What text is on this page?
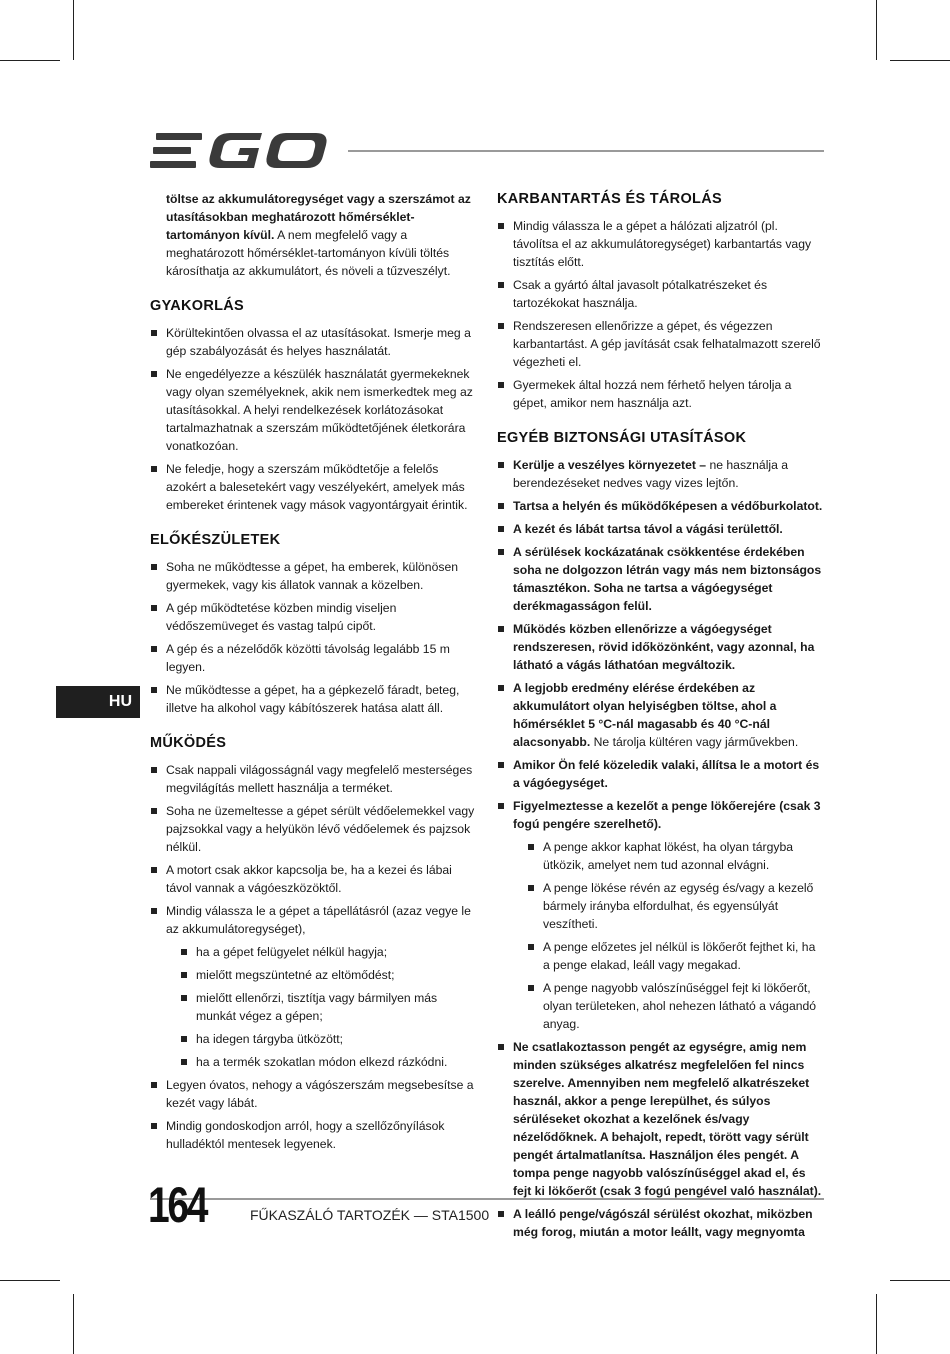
HU

töltse az akkumulátoregységet vagy a szerszámot az utasításokban meghatározott hőmérséklet-tartományon kívül. A nem megfelelő vagy a meghatározott hőmérséklet-tartományon kívüli töltés károsíthatja az akkumulátort, és növeli a tűzveszélyt.

GYAKORLÁS
Körültekintően olvassa el az utasításokat. Ismerje meg a gép szabályozását és helyes használatát.
Ne engedélyezze a készülék használatát gyermekeknek vagy olyan személyeknek, akik nem ismerkedtek meg az utasításokkal. A helyi rendelkezések korlátozásokat tartalmazhatnak a szerszám működtetőjének életkorára vonatkozóan.
Ne feledje, hogy a szerszám működtetője a felelős azokért a balesetekért vagy veszélyekért, amelyek más embereket érintenek vagy mások vagyontárgyait érintik.
ELŐKÉSZÜLETEK
Soha ne működtesse a gépet, ha emberek, különösen gyermekek, vagy kis állatok vannak a közelben.
A gép működtetése közben mindig viseljen védőszemüveget és vastag talpú cipőt.
A gép és a nézelődők közötti távolság legalább 15 m legyen.
Ne működtesse a gépet, ha a gépkezelő fáradt, beteg, illetve ha alkohol vagy kábítószerek hatása alatt áll.
MŰKÖDÉS
Csak nappali világosságnál vagy megfelelő mesterséges megvilágítás mellett használja a terméket.
Soha ne üzemeltesse a gépet sérült védőelemekkel vagy pajzsokkal vagy a helyükön lévő védőelemek és pajzsok nélkül.
A motort csak akkor kapcsolja be, ha a kezei és lábai távol vannak a vágóeszközöktől.
Mindig válassza le a gépet a tápellátásról (azaz vegye le az akkumulátoregységet),
ha a gépet felügyelet nélkül hagyja;
mielőtt megszüntetné az eltömődést;
mielőtt ellenőrzi, tisztítja vagy bármilyen más munkát végez a gépen;
ha idegen tárgyba ütközött;
ha a termék szokatlan módon elkezd rázkódni.
Legyen óvatos, nehogy a vágószerszám megsebesítse a kezét vagy lábát.
Mindig gondoskodjon arról, hogy a szellőzőnyílások hulladéktól mentesek legyenek.
KARBANTARTÁS ÉS TÁROLÁS
Mindig válassza le a gépet a hálózati aljzatról (pl. távolítsa el az akkumulátoregységet) karbantartás vagy tisztítás előtt.
Csak a gyártó által javasolt pótalkatrészeket és tartozékokat használja.
Rendszeresen ellenőrizze a gépet, és végezzen karbantartást. A gép javítását csak felhatalmazott szerelő végezheti el.
Gyermekek által hozzá nem férhető helyen tárolja a gépet, amikor nem használja azt.
EGYÉB BIZTONSÁGI UTASÍTÁSOK
Kerülje a veszélyes környezetet – ne használja a berendezéseket nedves vagy vizes lejtőn.
Tartsa a helyén és működőképesen a védőburkolatot.
A kezét és lábát tartsa távol a vágási területtől.
A sérülések kockázatának csökkentése érdekében soha ne dolgozzon létrán vagy más nem biztonságos támasztékon. Soha ne tartsa a vágóegységet derékmagasságon felül.
Működés közben ellenőrizze a vágóegységet rendszeresen, rövid időközönként, vagy azonnal, ha látható a vágás láthatóan megváltozik.
A legjobb eredmény elérése érdekében az akkumulátort olyan helyiségben töltse, ahol a hőmérséklet 5 °C-nál magasabb és 40 °C-nál alacsonyabb. Ne tárolja kültéren vagy járművekben.
Amikor Ön felé közeledik valaki, állítsa le a motort és a vágóegységet.
Figyelmeztesse a kezelőt a penge lökőerejére (csak 3 fogú pengére szerelhető).
A penge akkor kaphat lökést, ha olyan tárgyba ütközik, amelyet nem tud azonnal elvágni.
A penge lökése révén az egység és/vagy a kezelő bármely irányba elfordulhat, és egyensúlyát veszítheti.
A penge előzetes jel nélkül is lökőerőt fejthet ki, ha a penge elakad, leáll vagy megakad.
A penge nagyobb valószínűséggel fejt ki lökőerőt, olyan területeken, ahol nehezen látható a vágandó anyag.
Ne csatlakoztasson pengét az egységre, amig nem minden szükséges alkatrész megfelelően fel nincs szerelve. Amennyiben nem megfelelő alkatrészeket használ, akkor a penge lerepülhet, és súlyos sérüléseket okozhat a kezelőnek és/vagy nézelődőknek. A behajolt, repedt, törött vagy sérült pengét ártalmatlanítsa. Használjon éles pengét. A tompa penge nagyobb valószínűséggel akad el, és fejt ki lökőerőt (csak 3 fogú pengével való használat).
A leálló penge/vágószál sérülést okozhat, miközben még forog, miután a motor leállt, vagy megnyomta
164	FŰKASZÁLÓ TARTOZÉK — STA1500
